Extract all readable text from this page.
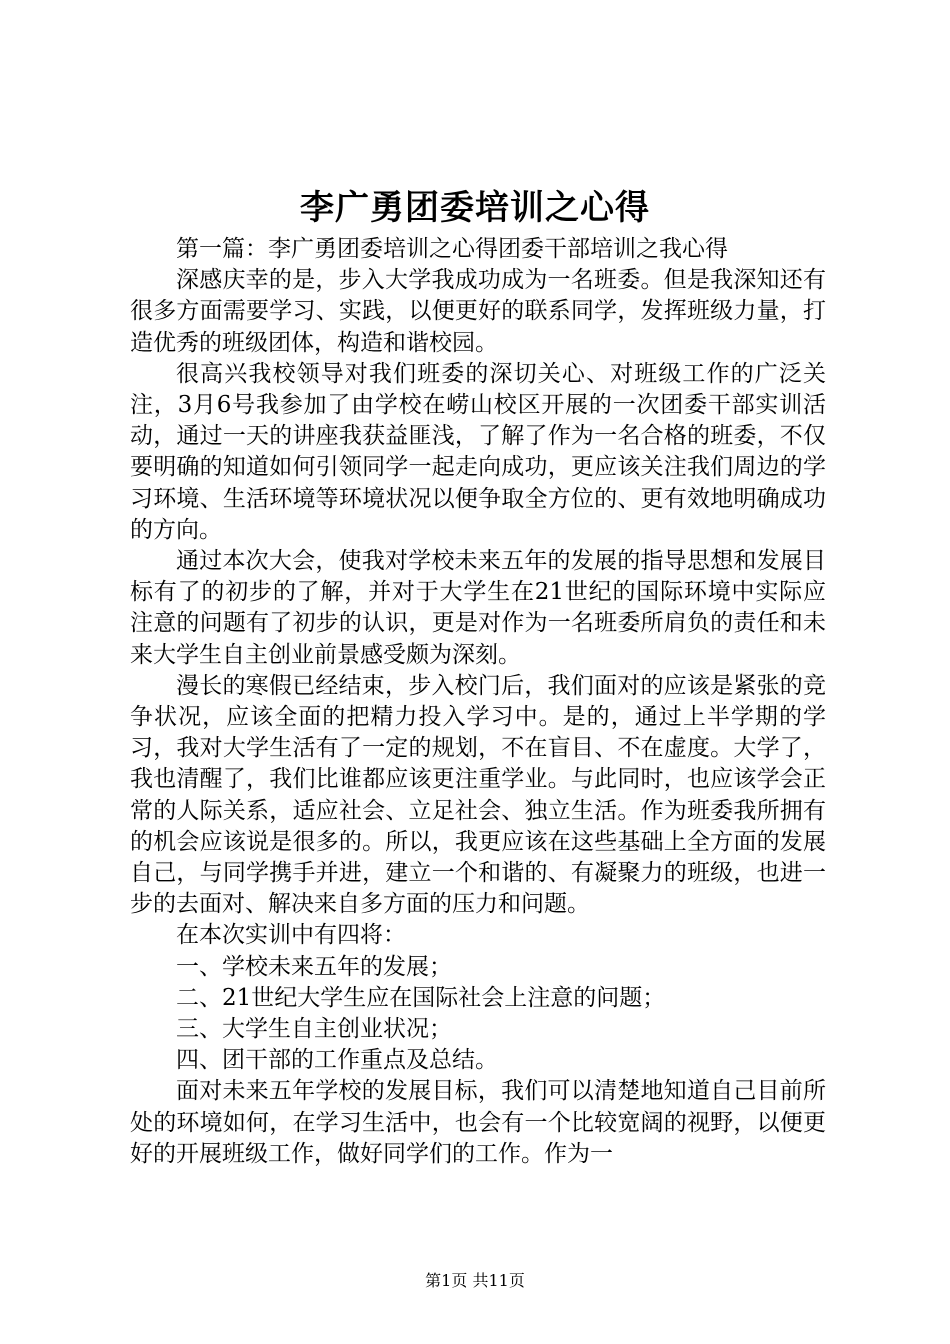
李广勇团委培训之心得

第一篇：李广勇团委培训之心得团委干部培训之我心得

深感庆幸的是，步入大学我成功成为一名班委。但是我深知还有很多方面需要学习、实践，以便更好的联系同学，发挥班级力量，打造优秀的班级团体，构造和谐校园。

很高兴我校领导对我们班委的深切关心、对班级工作的广泛关注，3月6号我参加了由学校在崂山校区开展的一次团委干部实训活动，通过一天的讲座我获益匪浅，了解了作为一名合格的班委，不仅要明确的知道如何引领同学一起走向成功，更应该关注我们周边的学习环境、生活环境等环境状况以便争取全方位的、更有效地明确成功的方向。

通过本次大会，使我对学校未来五年的发展的指导思想和发展目标有了的初步的了解，并对于大学生在21世纪的国际环境中实际应注意的问题有了初步的认识，更是对作为一名班委所肩负的责任和未来大学生自主创业前景感受颇为深刻。

漫长的寒假已经结束，步入校门后，我们面对的应该是紧张的竞争状况，应该全面的把精力投入学习中。是的，通过上半学期的学习，我对大学生活有了一定的规划，不在盲目、不在虚度。大学了，我也清醒了，我们比谁都应该更注重学业。与此同时，也应该学会正常的人际关系，适应社会、立足社会、独立生活。作为班委我所拥有的机会应该说是很多的。所以，我更应该在这些基础上全方面的发展自己，与同学携手并进，建立一个和谐的、有凝聚力的班级，也进一步的去面对、解决来自多方面的压力和问题。

在本次实训中有四将：

一、学校未来五年的发展；

二、21世纪大学生应在国际社会上注意的问题；

三、大学生自主创业状况；

四、团干部的工作重点及总结。

面对未来五年学校的发展目标，我们可以清楚地知道自己目前所处的环境如何，在学习生活中，也会有一个比较宽阔的视野，以便更好的开展班级工作，做好同学们的工作。作为一

第1页 共11页
